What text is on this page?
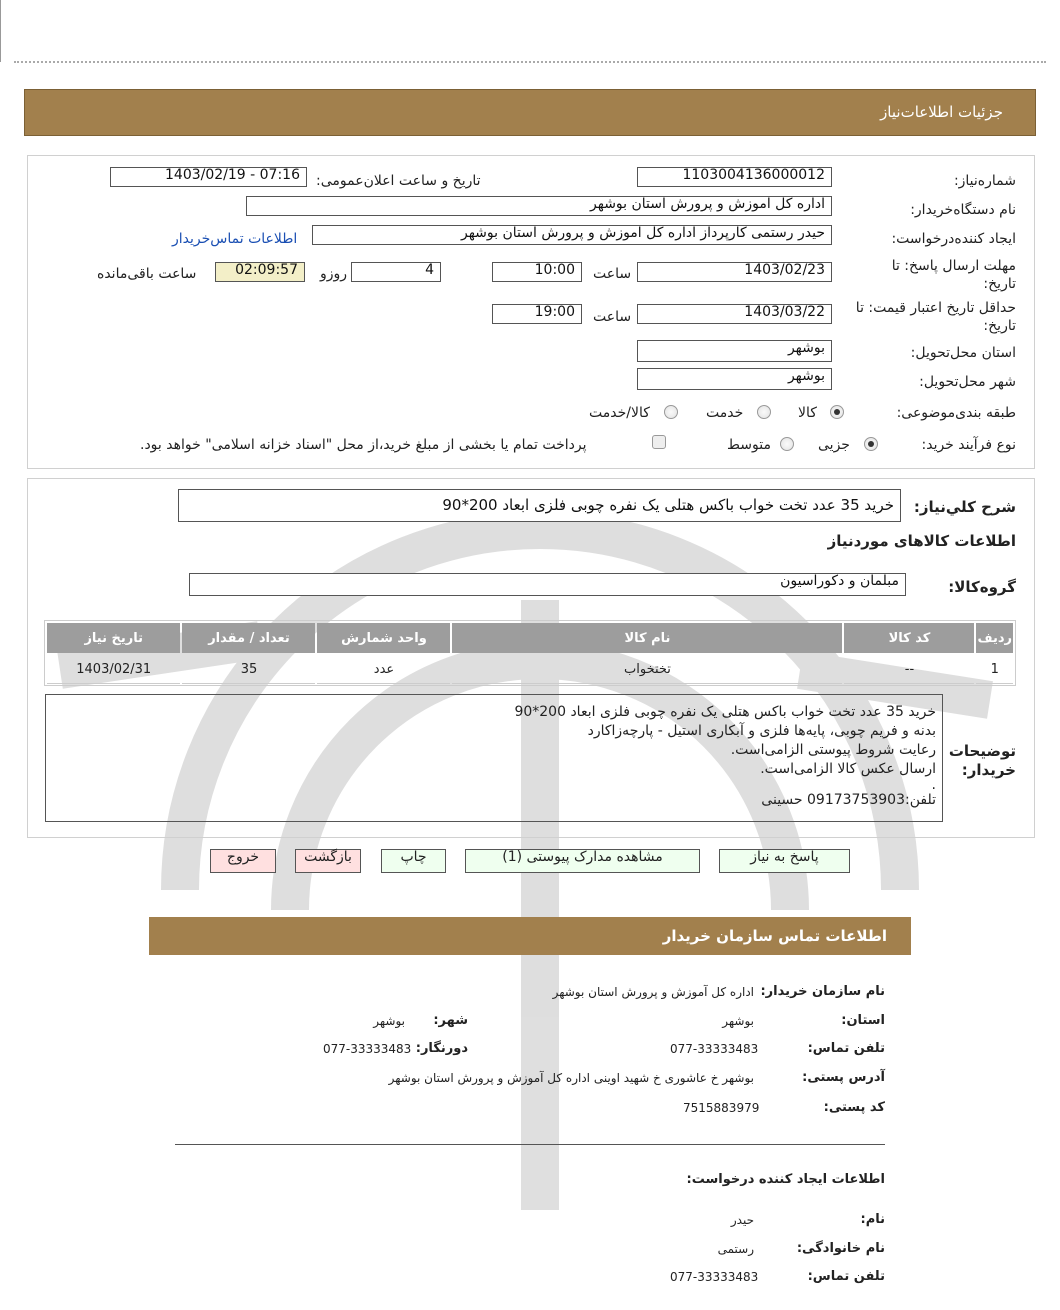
جزئیات اطلاعات‌نیاز
شماره‌نیاز:
1103004136000012
تاریخ و ساعت اعلان‌عمومی:
1403/02/19 - 07:16
نام دستگاه‌خریدار:
اداره کل آموزش و پرورش استان بوشهر
ایجاد کننده‌درخواست:
حیدر رستمی کارپرداز اداره کل آموزش و پرورش استان بوشهر
اطلاعات تماس‌خریدار
مهلت ارسال پاسخ: تا
تاریخ:
1403/02/23
ساعت
10:00
4
روزو
02:09:57
ساعت باقی‌مانده
حداقل تاریخ اعتبار قیمت: تا
تاریخ:
1403/03/22
ساعت
19:00
استان محل‌تحویل:
بوشهر
شهر محل‌تحویل:
بوشهر
طبقه بندی‌موضوعی:
کالا
خدمت
کالا/خدمت
نوع فرآیند خرید:
جزیی
متوسط
پرداخت تمام یا بخشی از مبلغ خرید،از محل "اسناد خزانه اسلامی" خواهد بود.
شرح کلي‌نیاز:
خرید 35 عدد تخت خواب باکس هتلی یک نفره چوبی فلزی ابعاد 200*90
اطلاعات کالاهای موردنیاز
گروه‌کالا:
مبلمان و دکوراسیون
ردیف	کد کالا	نام کالا	واحد شمارش	تعداد / مقدار	تاریخ نیاز
1	--	تختخواب	عدد	35	1403/02/31
توضیحات
خریدار:
خرید 35 عدد تخت خواب باکس هتلی یک نفره چوبی فلزی ابعاد 200*90
بدنه و فریم چوبی، پایه‌ها فلزی و آبکاری استیل - پارچه‌زاکارد
رعایت شروط پیوستی الزامی‌است.
ارسال عکس کالا الزامی‌است.
.
تلفن:09173753903 حسینی
پاسخ به نیاز
مشاهده مدارک پیوستی (1)
چاپ
بازگشت
خروج
اطلاعات تماس سازمان خریدار
نام سازمان خریدار:
اداره کل آموزش و پرورش استان بوشهر
استان:
بوشهر
شهر:
بوشهر
تلفن تماس:
077-33333483
دورنگار:
077-33333483
آدرس پستی:
بوشهر خ عاشوری خ شهید اوینی اداره کل آموزش و پرورش استان بوشهر
کد پستی:
7515883979
اطلاعات ایجاد کننده درخواست:
نام:
حیدر
نام خانوادگی:
رستمی
تلفن تماس:
077-33333483
